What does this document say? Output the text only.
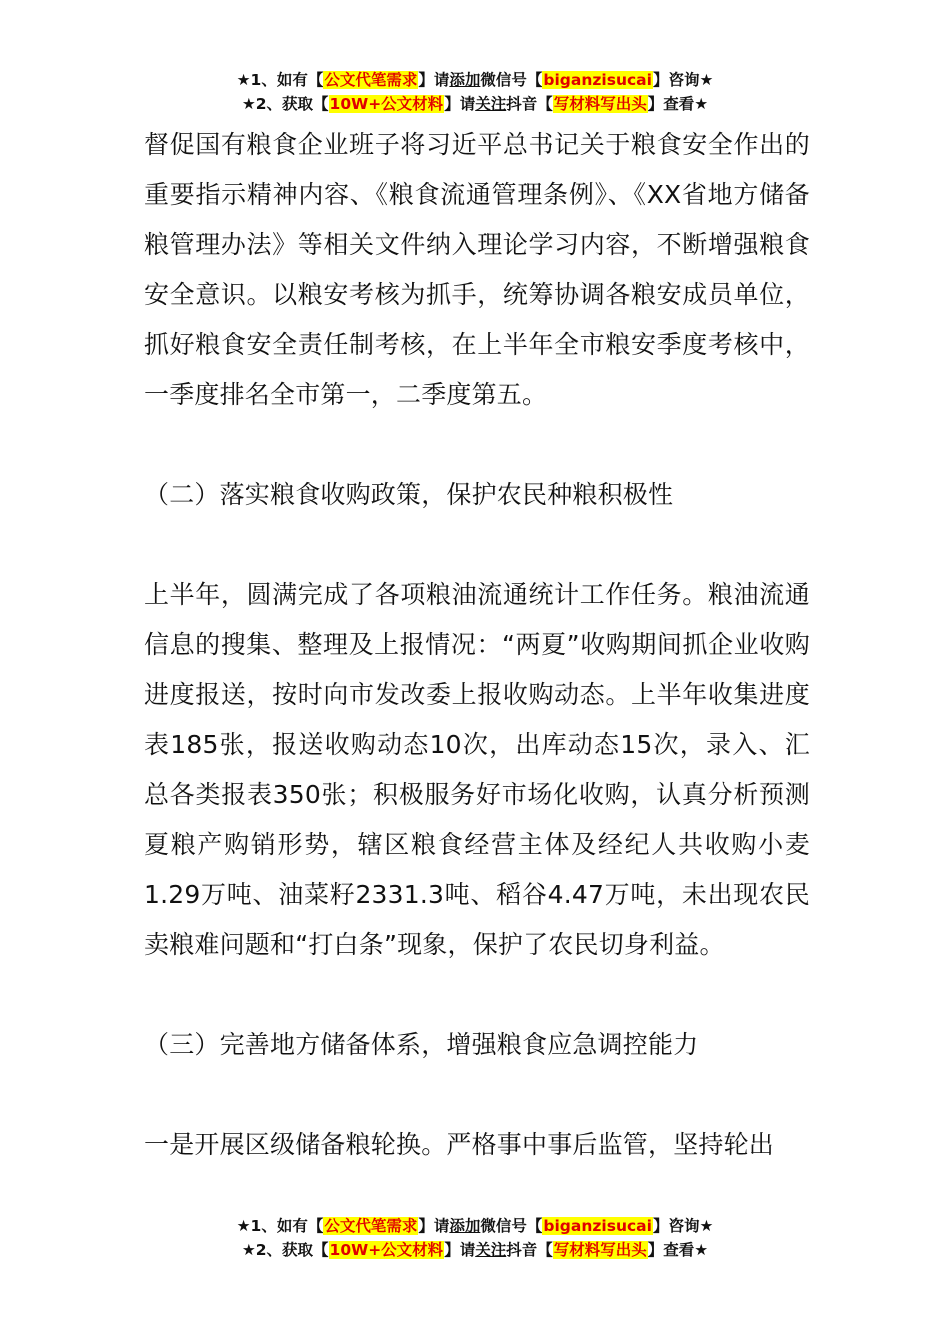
★1、如有【公文代笔需求】请添加微信号【biganzisucai】咨询★
★2、获取【10W+公文材料】请关注抖音【写材料写出头】查看★

督促国有粮食企业班子将习近平总书记关于粮食安全作出的重要指示精神内容、《粮食流通管理条例》、《XX省地方储备粮管理办法》等相关文件纳入理论学习内容，不断增强粮食安全意识。以粮安考核为抓手，统筹协调各粮安成员单位，抓好粮食安全责任制考核，在上半年全市粮安季度考核中，一季度排名全市第一，二季度第五。

（二）落实粮食收购政策，保护农民种粮积极性

上半年，圆满完成了各项粮油流通统计工作任务。粮油流通信息的搜集、整理及上报情况：“两夏”收购期间抓企业收购进度报送，按时向市发改委上报收购动态。上半年收集进度表185张，报送收购动态10次，出库动态15次，录入、汇总各类报表350张；积极服务好市场化收购，认真分析预测夏粮产购销形势，辖区粮食经营主体及经纪人共收购小麦1.29万吨、油菜籽2331.3吨、稻谷4.47万吨，未出现农民卖粮难问题和“打白条”现象，保护了农民切身利益。

（三）完善地方储备体系，增强粮食应急调控能力

一是开展区级储备粮轮换。严格事中事后监管，坚持轮出

★1、如有【公文代笔需求】请添加微信号【biganzisucai】咨询★
★2、获取【10W+公文材料】请关注抖音【写材料写出头】查看★
